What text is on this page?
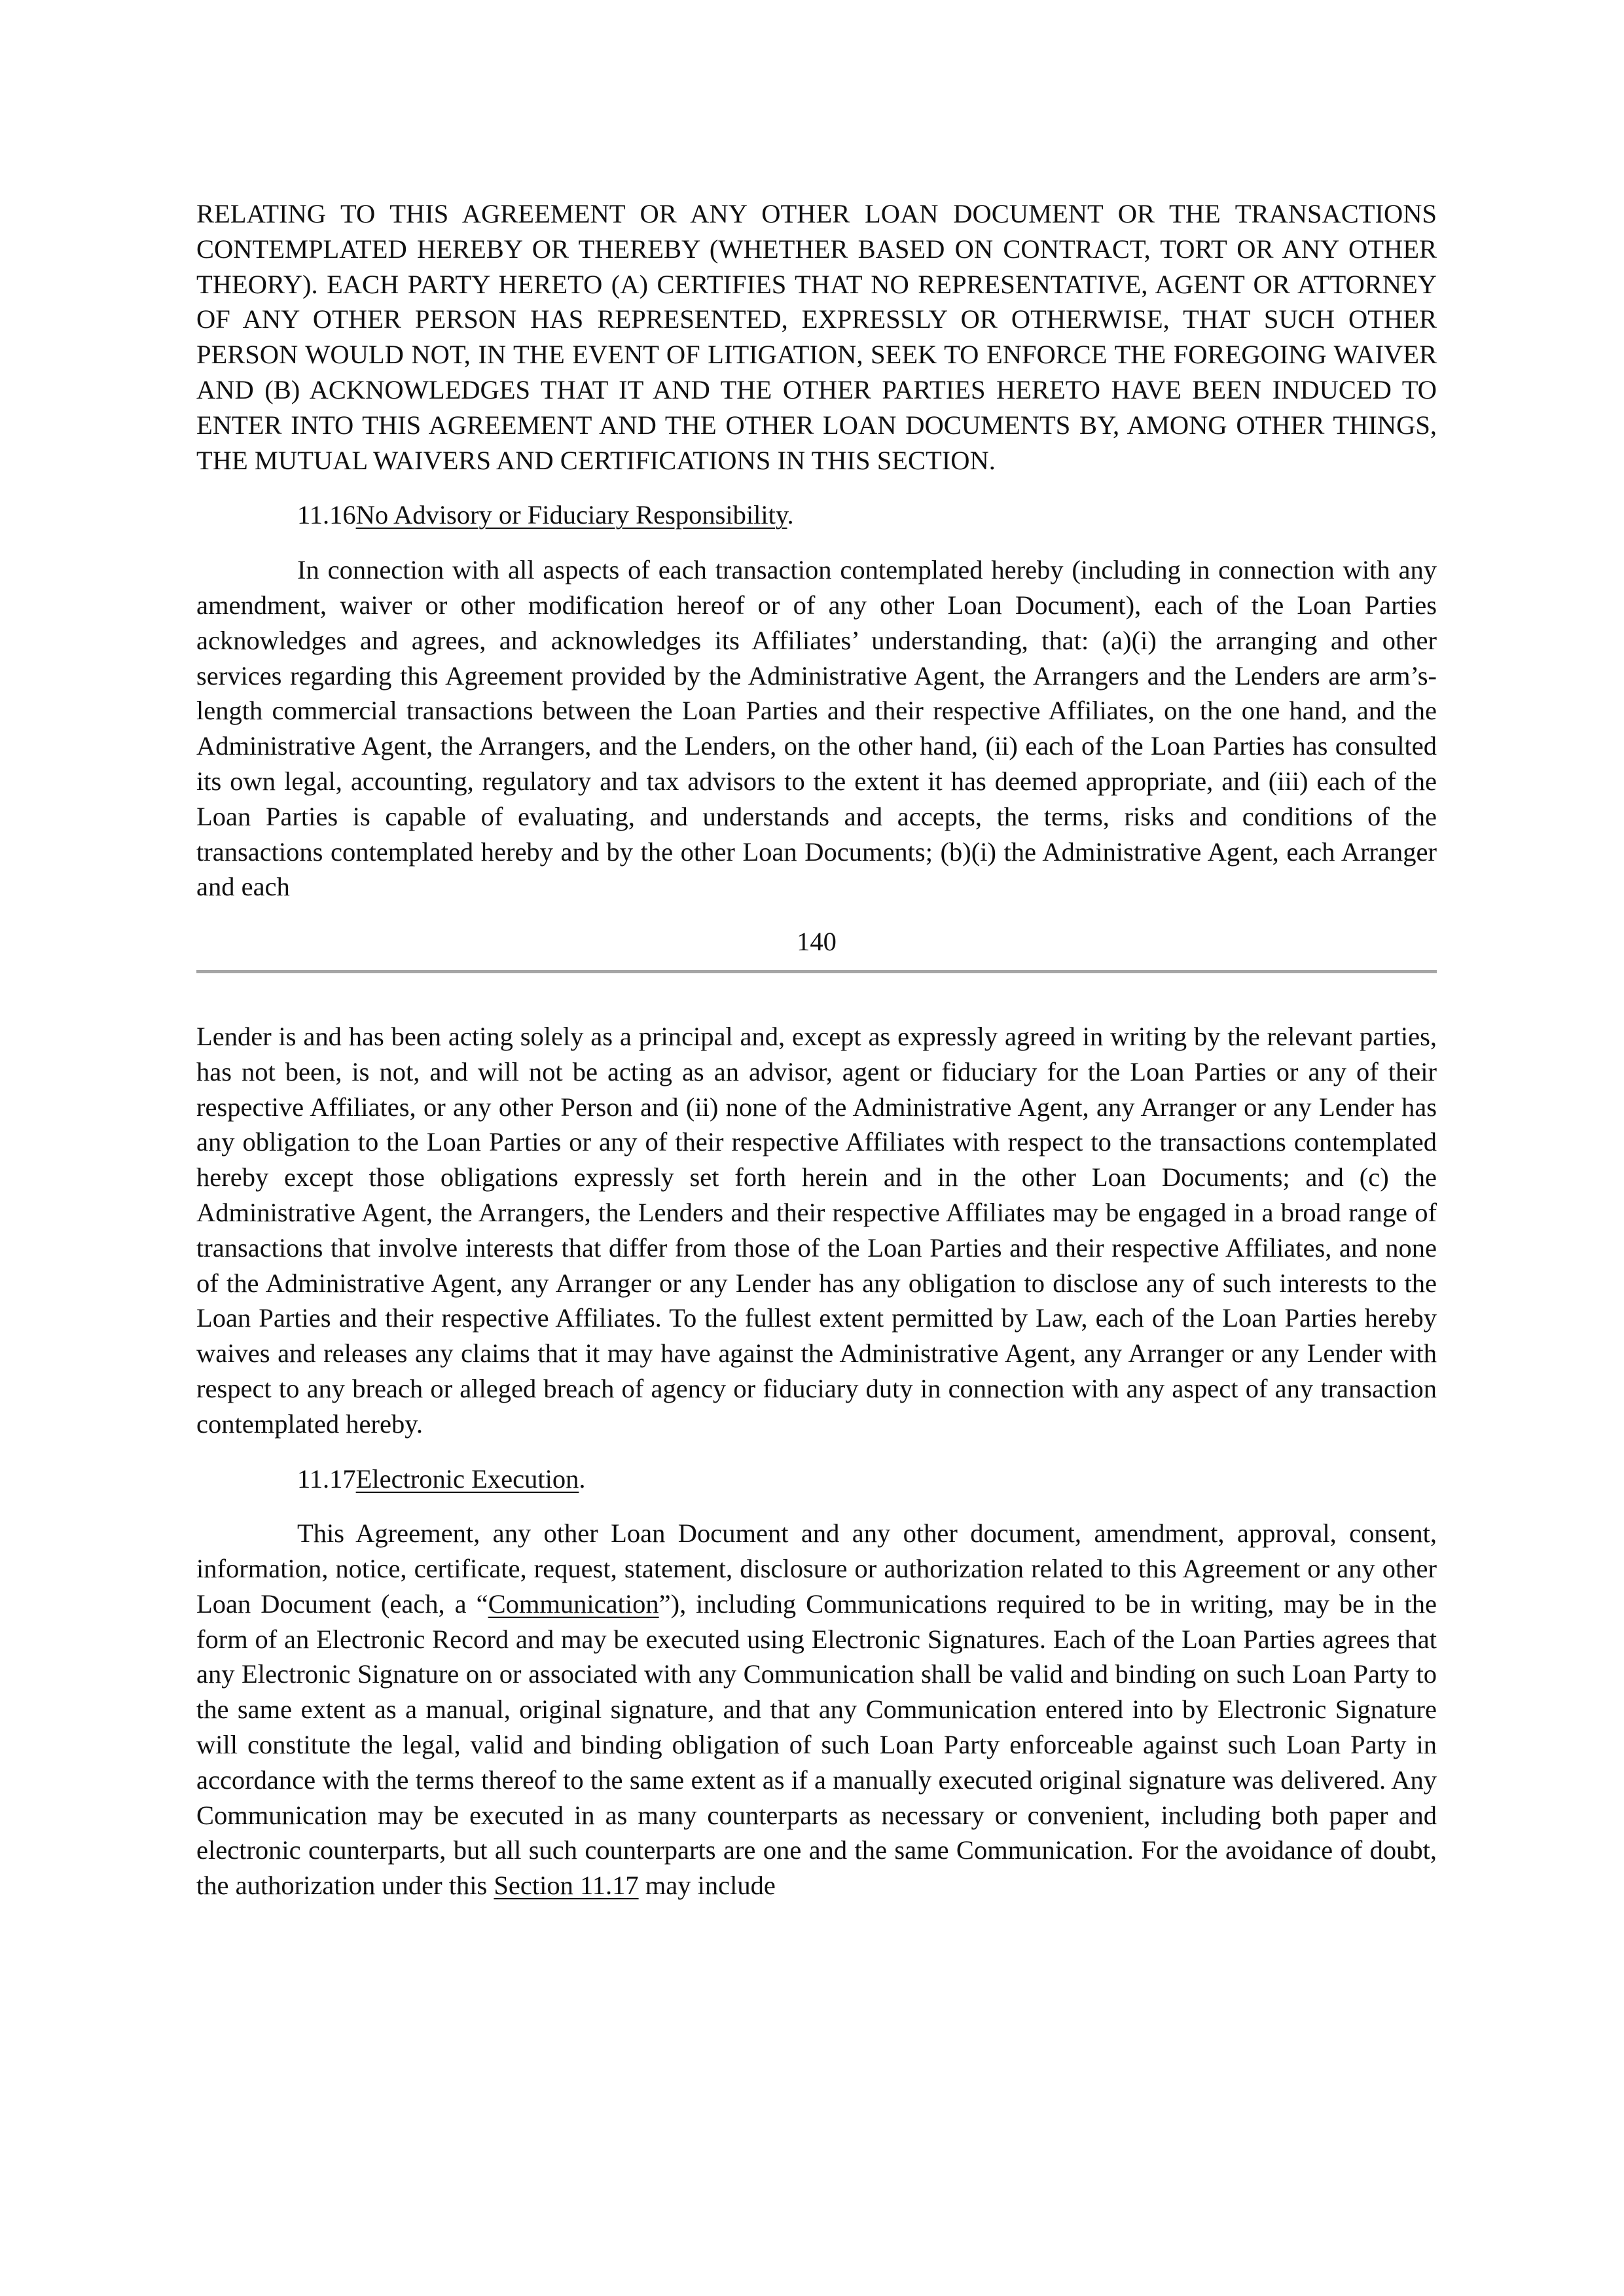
RELATING TO THIS AGREEMENT OR ANY OTHER LOAN DOCUMENT OR THE TRANSACTIONS CONTEMPLATED HEREBY OR THEREBY (WHETHER BASED ON CONTRACT, TORT OR ANY OTHER THEORY). EACH PARTY HERETO (A) CERTIFIES THAT NO REPRESENTATIVE, AGENT OR ATTORNEY OF ANY OTHER PERSON HAS REPRESENTED, EXPRESSLY OR OTHERWISE, THAT SUCH OTHER PERSON WOULD NOT, IN THE EVENT OF LITIGATION, SEEK TO ENFORCE THE FOREGOING WAIVER AND (B) ACKNOWLEDGES THAT IT AND THE OTHER PARTIES HERETO HAVE BEEN INDUCED TO ENTER INTO THIS AGREEMENT AND THE OTHER LOAN DOCUMENTS BY, AMONG OTHER THINGS, THE MUTUAL WAIVERS AND CERTIFICATIONS IN THIS SECTION.

11.16No Advisory or Fiduciary Responsibility.

In connection with all aspects of each transaction contemplated hereby (including in connection with any amendment, waiver or other modification hereof or of any other Loan Document), each of the Loan Parties acknowledges and agrees, and acknowledges its Affiliates’ understanding, that: (a)(i) the arranging and other services regarding this Agreement provided by the Administrative Agent, the Arrangers and the Lenders are arm’s-length commercial transactions between the Loan Parties and their respective Affiliates, on the one hand, and the Administrative Agent, the Arrangers, and the Lenders, on the other hand, (ii) each of the Loan Parties has consulted its own legal, accounting, regulatory and tax advisors to the extent it has deemed appropriate, and (iii) each of the Loan Parties is capable of evaluating, and understands and accepts, the terms, risks and conditions of the transactions contemplated hereby and by the other Loan Documents; (b)(i) the Administrative Agent, each Arranger and each

140

Lender is and has been acting solely as a principal and, except as expressly agreed in writing by the relevant parties, has not been, is not, and will not be acting as an advisor, agent or fiduciary for the Loan Parties or any of their respective Affiliates, or any other Person and (ii) none of the Administrative Agent, any Arranger or any Lender has any obligation to the Loan Parties or any of their respective Affiliates with respect to the transactions contemplated hereby except those obligations expressly set forth herein and in the other Loan Documents; and (c) the Administrative Agent, the Arrangers, the Lenders and their respective Affiliates may be engaged in a broad range of transactions that involve interests that differ from those of the Loan Parties and their respective Affiliates, and none of the Administrative Agent, any Arranger or any Lender has any obligation to disclose any of such interests to the Loan Parties and their respective Affiliates. To the fullest extent permitted by Law, each of the Loan Parties hereby waives and releases any claims that it may have against the Administrative Agent, any Arranger or any Lender with respect to any breach or alleged breach of agency or fiduciary duty in connection with any aspect of any transaction contemplated hereby.

11.17Electronic Execution.

This Agreement, any other Loan Document and any other document, amendment, approval, consent, information, notice, certificate, request, statement, disclosure or authorization related to this Agreement or any other Loan Document (each, a “Communication”), including Communications required to be in writing, may be in the form of an Electronic Record and may be executed using Electronic Signatures. Each of the Loan Parties agrees that any Electronic Signature on or associated with any Communication shall be valid and binding on such Loan Party to the same extent as a manual, original signature, and that any Communication entered into by Electronic Signature will constitute the legal, valid and binding obligation of such Loan Party enforceable against such Loan Party in accordance with the terms thereof to the same extent as if a manually executed original signature was delivered. Any Communication may be executed in as many counterparts as necessary or convenient, including both paper and electronic counterparts, but all such counterparts are one and the same Communication. For the avoidance of doubt, the authorization under this Section 11.17 may include
